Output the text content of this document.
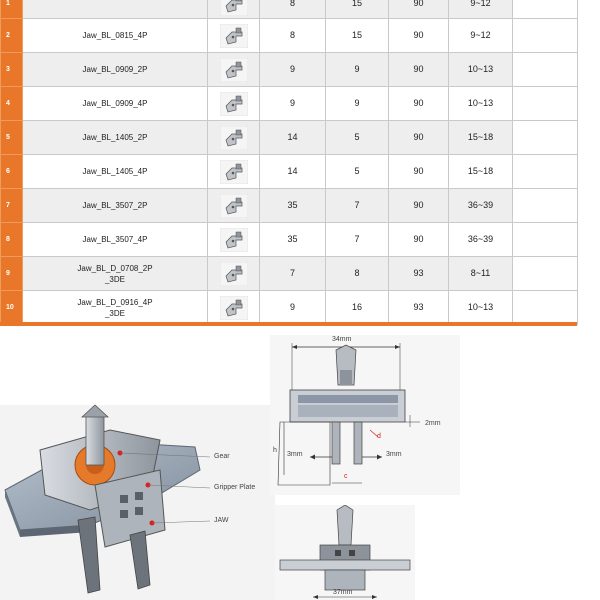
1			8	15	90	9~12	
2	Jaw_BL_0815_4P		8	15	90	9~12	
3	Jaw_BL_0909_2P		9	9	90	10~13	
4	Jaw_BL_0909_4P		9	9	90	10~13	
5	Jaw_BL_1405_2P		14	5	90	15~18	
6	Jaw_BL_1405_4P		14	5	90	15~18	
7	Jaw_BL_3507_2P		35	7	90	36~39	
8	Jaw_BL_3507_4P		35	7	90	36~39	
9	Jaw_BL_D_0708_2P
_3DE		7	8	93	8~11	
10	Jaw_BL_D_0916_4P
_3DE		9	16	93	10~13	
Gear
Gripper Plate
JAW
34mm
2mm
h
3mm	3mm
c
d
37mm
